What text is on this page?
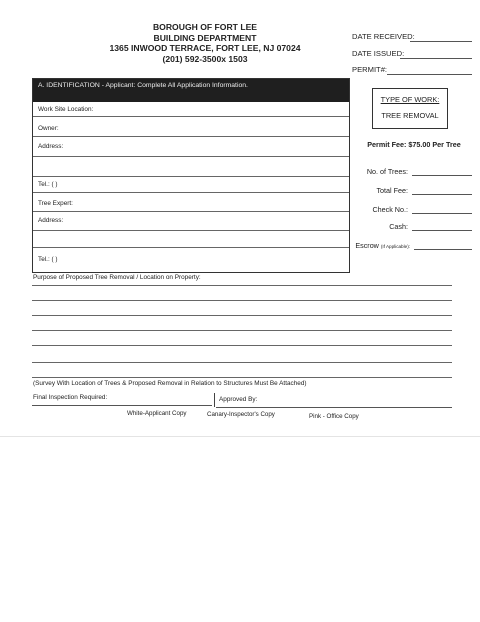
BOROUGH OF FORT LEE
BUILDING DEPARTMENT
1365 INWOOD TERRACE, FORT LEE, NJ 07024
(201) 592-3500x 1503
DATE RECEIVED:
DATE ISSUED:
PERMIT#:
A. IDENTIFICATION - Applicant: Complete All Application Information.
Work Site Location:
Owner:
Address:
Tel.: ( )
Tree Expert:
Address:
Tel.: ( )
TYPE OF WORK:
TREE REMOVAL
Permit Fee: $75.00 Per Tree
No. of Trees:
Total Fee:
Check No.:
Cash:
Escrow (If Applicable):
Purpose of Proposed Tree Removal / Location on Property:
(Survey With Location of Trees & Proposed Removal in Relation to Structures Must Be Attached)
Final Inspection Required:	Approved By:
White-Applicant Copy	Canary-Inspector's Copy	Pink - Office Copy
